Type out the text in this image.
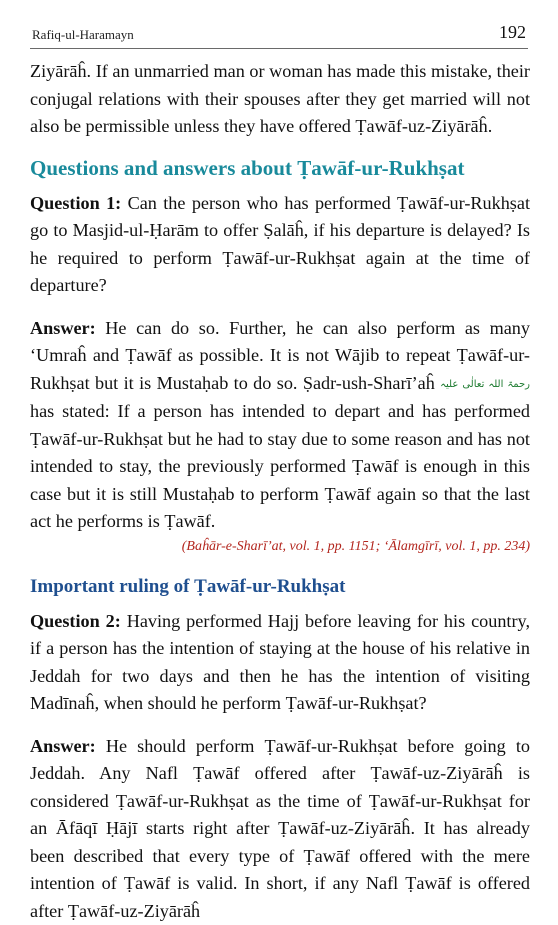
Rafiq-ul-Haramayn	192

Ziyārāĥ. If an unmarried man or woman has made this mistake, their conjugal relations with their spouses after they get married will not also be permissible unless they have offered Ṭawāf-uz-Ziyārāĥ.

Questions and answers about Ṭawāf-ur-Rukhṣat

Question 1: Can the person who has performed Ṭawāf-ur-Rukhṣat go to Masjid-ul-Ḥarām to offer Ṣalāĥ, if his departure is delayed? Is he required to perform Ṭawāf-ur-Rukhṣat again at the time of departure?

Answer: He can do so. Further, he can also perform as many ‘Umraĥ and Ṭawāf as possible. It is not Wājib to repeat Ṭawāf-ur-Rukhṣat but it is Mustaḥab to do so. Ṣadr-ush-Sharī’aĥ رحمۃ اللہ تعالٰی علیہ has stated: If a person has intended to depart and has performed Ṭawāf-ur-Rukhṣat but he had to stay due to some reason and has not intended to stay, the previously performed Ṭawāf is enough in this case but it is still Mustaḥab to perform Ṭawāf again so that the last act he performs is Ṭawāf.

(Baĥār-e-Sharī’at, vol. 1, pp. 1151; ‘Ālamgīrī, vol. 1, pp. 234)

Important ruling of Ṭawāf-ur-Rukhṣat

Question 2: Having performed Hajj before leaving for his country, if a person has the intention of staying at the house of his relative in Jeddah for two days and then he has the intention of visiting Madīnaĥ, when should he perform Ṭawāf-ur-Rukhṣat?

Answer: He should perform Ṭawāf-ur-Rukhṣat before going to Jeddah. Any Nafl Ṭawāf offered after Ṭawāf-uz-Ziyārāĥ is considered Ṭawāf-ur-Rukhṣat as the time of Ṭawāf-ur-Rukhṣat for an Āfāqī Ḥājī starts right after Ṭawāf-uz-Ziyārāĥ. It has already been described that every type of Ṭawāf offered with the mere intention of Ṭawāf is valid. In short, if any Nafl Ṭawāf is offered after Ṭawāf-uz-Ziyārāĥ
